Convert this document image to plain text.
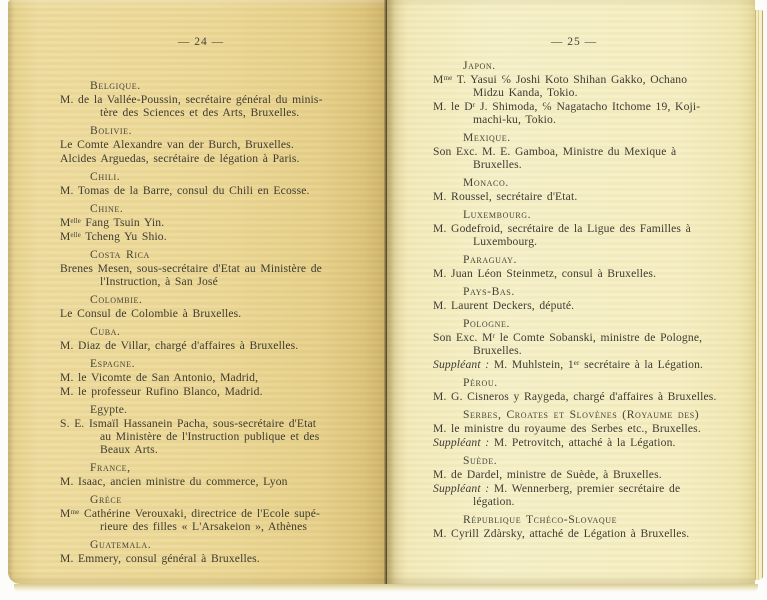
— 24 —
Belgique.
M. de la Vallée-Poussin, secrétaire général du minis-
tère des Sciences et des Arts, Bruxelles.
Bolivie.
Le Comte Alexandre van der Burch, Bruxelles.
Alcides Arguedas, secrétaire de légation à Paris.
Chili.
M. Tomas de la Barre, consul du Chili en Ecosse.
Chine.
Mᵉˡˡᵉ Fang Tsuin Yin.
Mᵉˡˡᵉ Tcheng Yu Shio.
Costa Rica
Brenes Mesen, sous-secrétaire d'Etat au Ministère de
l'Instruction, à San José
Colombie.
Le Consul de Colombie à Bruxelles.
Cuba.
M. Diaz de Villar, chargé d'affaires à Bruxelles.
Espagne.
M. le Vicomte de San Antonio, Madrid,
M. le professeur Rufino Blanco, Madrid.
Egypte.
S. E. Ismaïl Hassanein Pacha, sous-secrétaire d'Etat
au Ministère de l'Instruction publique et des
Beaux Arts.
France,
M. Isaac, ancien ministre du commerce, Lyon
Grèce
Mᵐᵉ Cathérine Verouxaki, directrice de l'Ecole supé-
rieure des filles « L'Arsakeion », Athènes
Guatemala.
M. Emmery, consul général à Bruxelles.
— 25 —
Japon.
Mᵐᵉ T. Yasui ℅ Joshi Koto Shihan Gakko, Ochano
Midzu Kanda, Tokio.
M. le Dʳ J. Shimoda, ℅ Nagatacho Itchome 19, Koji-
machi-ku, Tokio.
Mexique.
Son Exc. M. E. Gamboa, Ministre du Mexique à
Bruxelles.
Monaco.
M. Roussel, secrétaire d'Etat.
Luxembourg.
M. Godefroid, secrétaire de la Ligue des Familles à
Luxembourg.
Paraguay.
M. Juan Léon Steinmetz, consul à Bruxelles.
Pays-Bas.
M. Laurent Deckers, député.
Pologne.
Son Exc. Mʳ le Comte Sobanski, ministre de Pologne,
Bruxelles.
Suppléant : M. Muhlstein, 1ᵉʳ secrétaire à la Légation.
Pérou.
M. G. Cisneros y Raygeda, chargé d'affaires à Bruxelles.
Serbes, Croates et Slovènes (Royaume des)
M. le ministre du royaume des Serbes etc., Bruxelles.
Suppléant : M. Petrovitch, attaché à la Légation.
Suède.
M. de Dardel, ministre de Suède, à Bruxelles.
Suppléant : M. Wennerberg, premier secrétaire de
légation.
République Tchéco-Slovaque
M. Cyrill Zdàrsky, attaché de Légation à Bruxelles.
